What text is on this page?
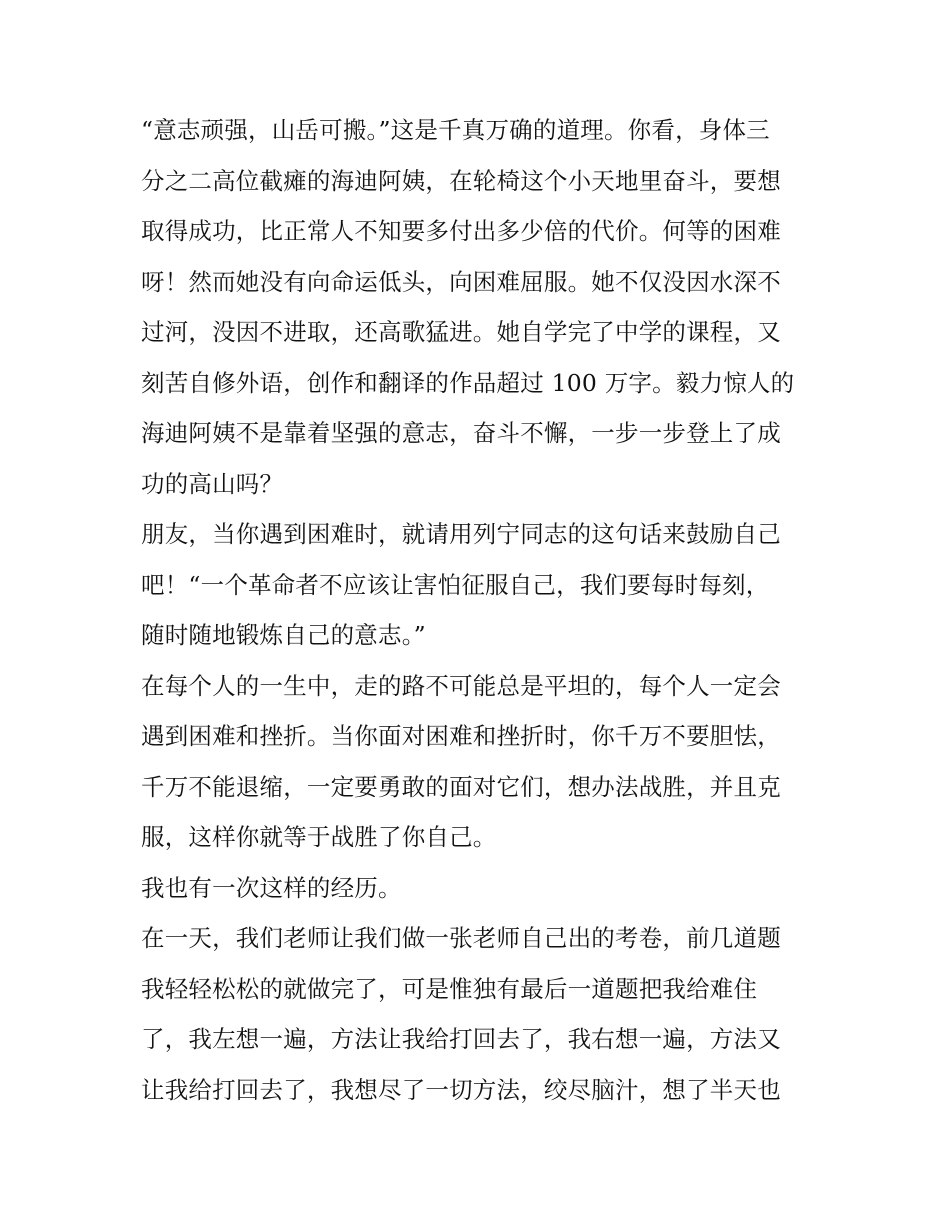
“意志顽强，山岳可搬。”这是千真万确的道理。你看，身体三
分之二高位截瘫的海迪阿姨，在轮椅这个小天地里奋斗，要想
取得成功，比正常人不知要多付出多少倍的代价。何等的困难
呀！然而她没有向命运低头，向困难屈服。她不仅没因水深不
过河，没因不进取，还高歌猛进。她自学完了中学的课程，又
刻苦自修外语，创作和翻译的作品超过 100 万字。毅力惊人的
海迪阿姨不是靠着坚强的意志，奋斗不懈，一步一步登上了成
功的高山吗？
朋友，当你遇到困难时，就请用列宁同志的这句话来鼓励自己
吧！“一个革命者不应该让害怕征服自己，我们要每时每刻，
随时随地锻炼自己的意志。”
在每个人的一生中，走的路不可能总是平坦的，每个人一定会
遇到困难和挫折。当你面对困难和挫折时，你千万不要胆怯，
千万不能退缩，一定要勇敢的面对它们，想办法战胜，并且克
服，这样你就等于战胜了你自己。
我也有一次这样的经历。
在一天，我们老师让我们做一张老师自己出的考卷，前几道题
我轻轻松松的就做完了，可是惟独有最后一道题把我给难住
了，我左想一遍，方法让我给打回去了，我右想一遍，方法又
让我给打回去了，我想尽了一切方法，绞尽脑汁，想了半天也
